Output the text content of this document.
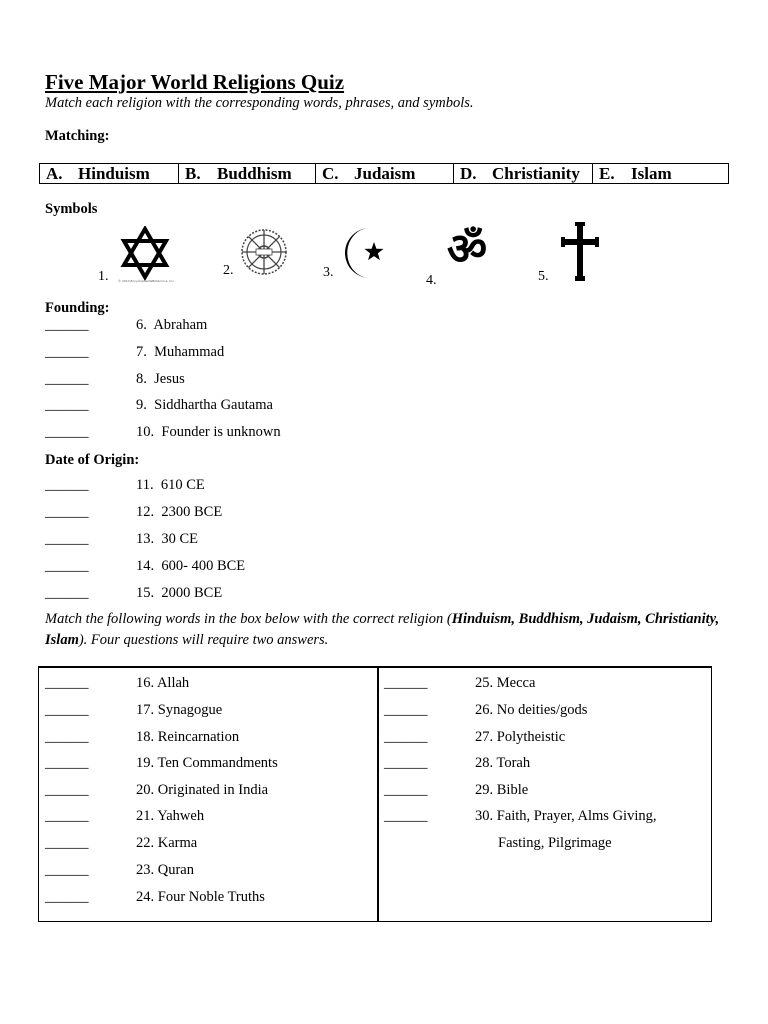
Five Major World Religions Quiz
Match each religion with the corresponding words, phrases, and symbols.
Matching:
A. Hinduism	B. Buddhism	C. Judaism	D. Christianity	E. Islam
Symbols
1.	© 2010 EncyclopaediaBritannica, Inc.
2.	3.
4.
ॐ
5.
Founding:
______	6. Abraham
______	7. Muhammad
______	8. Jesus
______	9. Siddhartha Gautama
______	10. Founder is unknown
Date of Origin:
______	11. 610 CE
______	12. 2300 BCE
______	13. 30 CE
______	14. 600- 400 BCE
______	15. 2000 BCE
Match the following words in the box below with the correct religion (Hinduism, Buddhism, Judaism, Christianity, Islam). Four questions will require two answers.
______	16. Allah
______	17. Synagogue
______	18. Reincarnation
______	19. Ten Commandments
______	20. Originated in India
______	21. Yahweh
______	22. Karma
______	23. Quran
______	24. Four Noble Truths
______	25. Mecca
______	26. No deities/gods
______	27. Polytheistic
______	28. Torah
______	29. Bible
______	30. Faith, Prayer, Alms Giving,
Fasting, Pilgrimage
